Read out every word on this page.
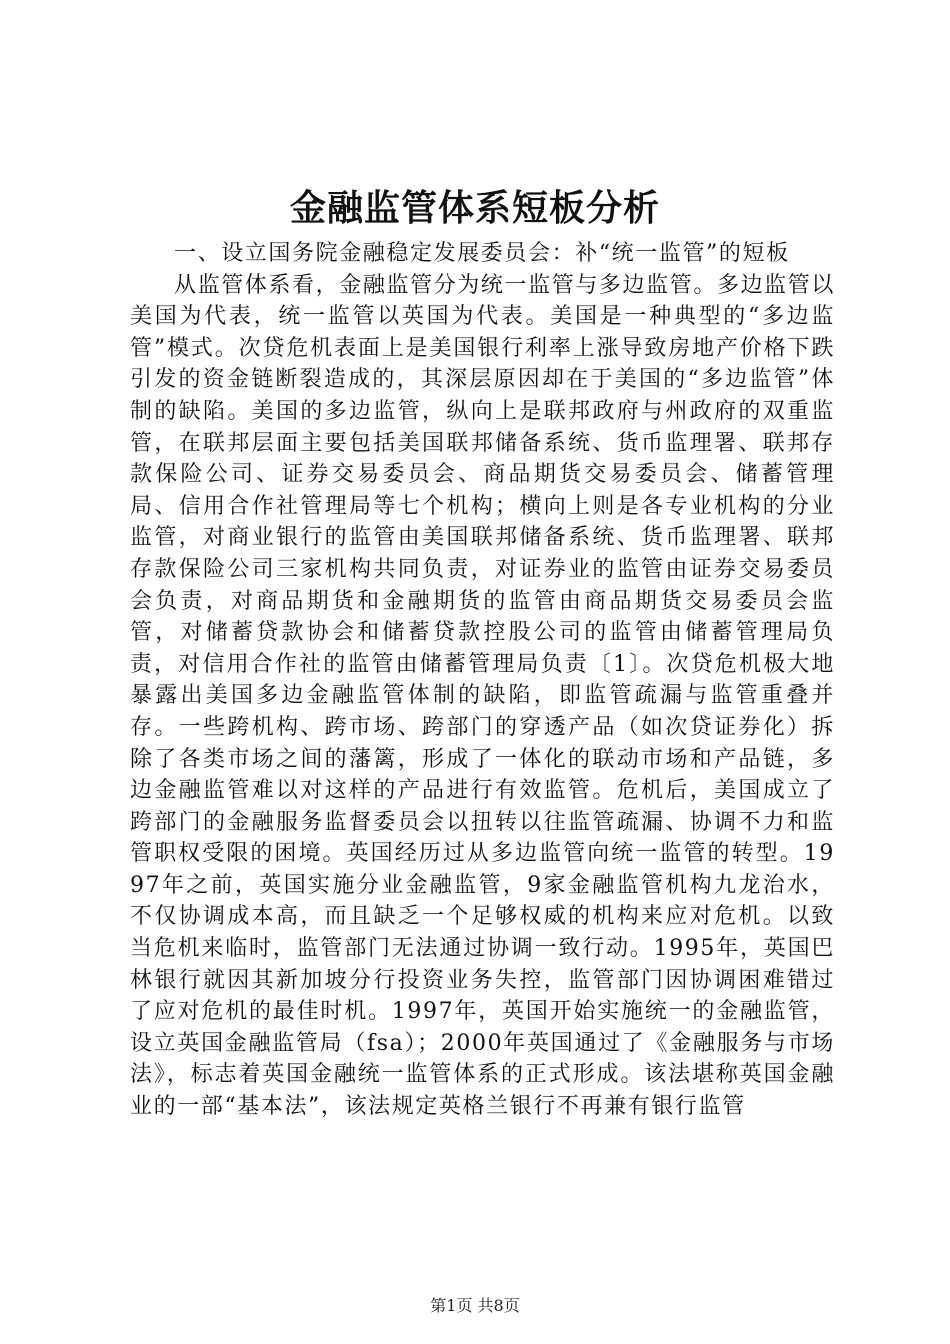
金融监管体系短板分析

一、设立国务院金融稳定发展委员会：补“统一监管”的短板

从监管体系看，金融监管分为统一监管与多边监管。多边监管以美国为代表，统一监管以英国为代表。美国是一种典型的“多边监管”模式。次贷危机表面上是美国银行利率上涨导致房地产价格下跌引发的资金链断裂造成的，其深层原因却在于美国的“多边监管”体制的缺陷。美国的多边监管，纵向上是联邦政府与州政府的双重监管，在联邦层面主要包括美国联邦储备系统、货币监理署、联邦存款保险公司、证券交易委员会、商品期货交易委员会、储蓄管理局、信用合作社管理局等七个机构；横向上则是各专业机构的分业监管，对商业银行的监管由美国联邦储备系统、货币监理署、联邦存款保险公司三家机构共同负责，对证券业的监管由证券交易委员会负责，对商品期货和金融期货的监管由商品期货交易委员会监管，对储蓄贷款协会和储蓄贷款控股公司的监管由储蓄管理局负责，对信用合作社的监管由储蓄管理局负责〔1〕。次贷危机极大地暴露出美国多边金融监管体制的缺陷，即监管疏漏与监管重叠并存。一些跨机构、跨市场、跨部门的穿透产品（如次贷证券化）拆除了各类市场之间的藩篱，形成了一体化的联动市场和产品链，多边金融监管难以对这样的产品进行有效监管。危机后，美国成立了跨部门的金融服务监督委员会以扭转以往监管疏漏、协调不力和监管职权受限的困境。英国经历过从多边监管向统一监管的转型。1997年之前，英国实施分业金融监管，9家金融监管机构九龙治水，不仅协调成本高，而且缺乏一个足够权威的机构来应对危机。以致当危机来临时，监管部门无法通过协调一致行动。1995年，英国巴林银行就因其新加坡分行投资业务失控，监管部门因协调困难错过了应对危机的最佳时机。1997年，英国开始实施统一的金融监管，设立英国金融监管局（fsa）；2000年英国通过了《金融服务与市场法》，标志着英国金融统一监管体系的正式形成。该法堪称英国金融业的一部“基本法”，该法规定英格兰银行不再兼有银行监管

第1页 共8页
